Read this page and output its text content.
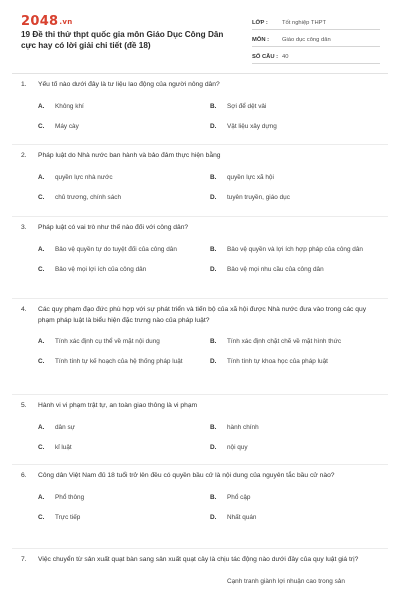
2048.vn
19 Đề thi thử thpt quốc gia môn Giáo Dục Công Dân cực hay có lời giải chi tiết (đề 18)
LỚP :	Tốt nghiệp THPT
MÔN :	Giáo dục công dân
SỐ CÂU : 40
1.	Yếu tố nào dưới đây là tư liệu lao động của người nông dân?
A.	Không khí	B.	Sợi để dệt vải
C.	Máy cày	D.	Vật liệu xây dựng
2.	Pháp luật do Nhà nước ban hành và bảo đảm thực hiện bằng
A.	quyền lực nhà nước	B.	quyền lực xã hội
C.	chủ trương, chính sách	D.	tuyên truyền, giáo dục
3.	Pháp luật có vai trò như thế nào đối với công dân?
A.	Bảo vệ quyền tự do tuyệt đối của công dân	B.	Bảo vệ quyền và lợi ích hợp pháp của công dân
C.	Bảo vệ mọi lợi ích của công dân	D.	Bảo vệ mọi nhu cầu của công dân
4.	Các quy phạm đạo đức phù hợp với sự phát triển và tiến bộ của xã hội được Nhà nước đưa vào trong các quy phạm pháp luật là biểu hiện đặc trưng nào của pháp luật?
A.	Tính xác định cụ thể về mặt nội dung	B.	Tính xác định chặt chẽ về mặt hình thức
C.	Tính tính tự kế hoạch của hệ thống pháp luật	D.	Tính tính tự khoa học của pháp luật
5.	Hành vi vi phạm trật tự, an toàn giao thông là vi phạm
A.	dân sự	B.	hành chính
C.	kỉ luật	D.	nội quy
6.	Công dân Việt Nam đủ 18 tuổi trở lên đều có quyền bầu cử là nội dung của nguyên tắc bầu cử nào?
A.	Phổ thông	B.	Phổ cập
C.	Trực tiếp	D.	Nhất quán
7.	Việc chuyển từ sản xuất quạt bàn sang sản xuất quạt cây là chịu tác động nào dưới đây của quy luật giá trị?
Cạnh tranh giành lợi nhuận cao trong sản
